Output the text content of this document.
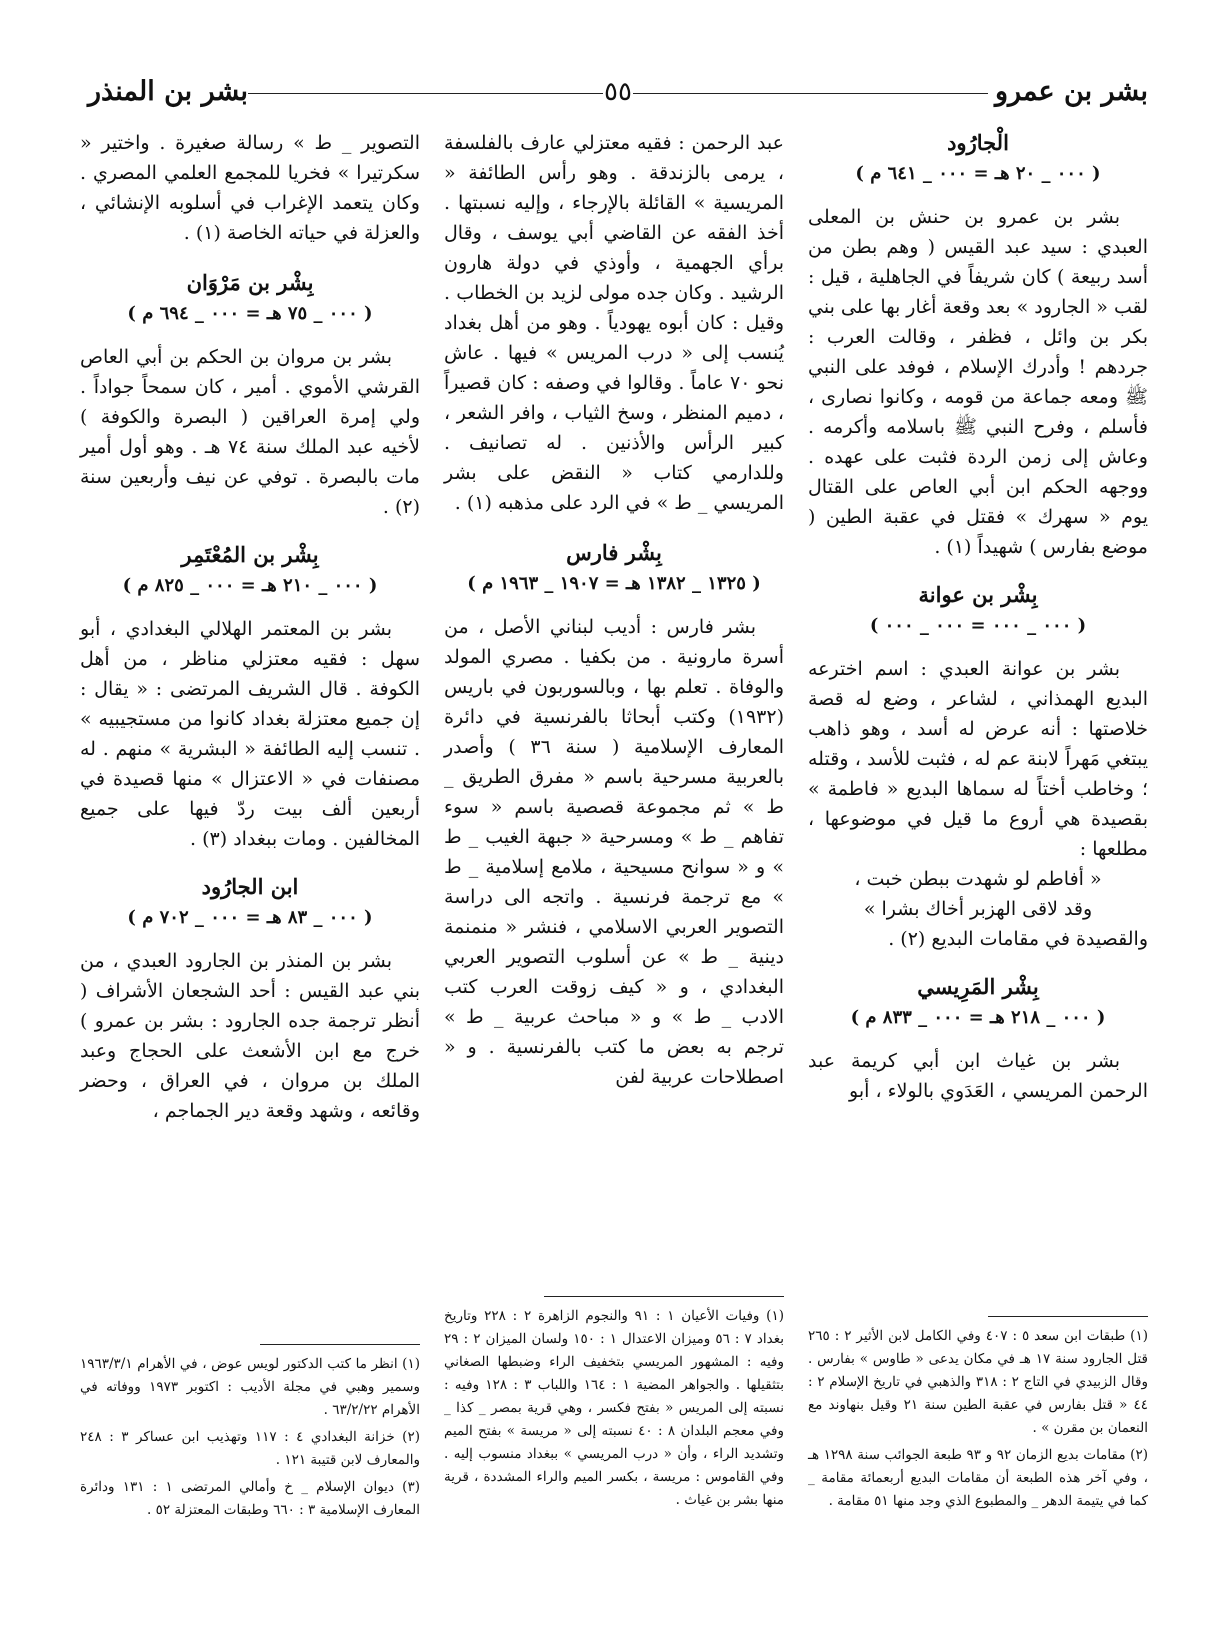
بشر بن عمرو
٥٥
بشر بن المنذر
الْجارُود
( ٠٠٠ _ ٢٠ هـ = ٠٠٠ _ ٦٤١ م )

بشر بن عمرو بن حنش بن المعلى العبدي : سيد عبد القيس ( وهم بطن من أسد ربيعة ) كان شريفاً في الجاهلية ، قيل : لقب « الجارود » بعد وقعة أغار بها على بني بكر بن وائل ، فظفر ، وقالت العرب : جردهم ! وأدرك الإسلام ، فوفد على النبي ﷺ ومعه جماعة من قومه ، وكانوا نصارى ، فأسلم ، وفرح النبي ﷺ باسلامه وأكرمه . وعاش إلى زمن الردة فثبت على عهده . ووجهه الحكم ابن أبي العاص على القتال يوم « سهرك » فقتل في عقبة الطين ( موضع بفارس ) شهيداً (١) .

بِشْر بن عوانة
( ٠٠٠ _ ٠٠٠ = ٠٠٠ _ ٠٠٠ )

بشر بن عوانة العبدي : اسم اخترعه البديع الهمذاني ، لشاعر ، وضع له قصة خلاصتها : أنه عرض له أسد ، وهو ذاهب يبتغي مَهراً لابنة عم له ، فثبت للأسد ، وقتله ؛ وخاطب أختاً له سماها البديع « فاطمة » بقصيدة هي أروع ما قيل في موضوعها ، مطلعها :

« أفاطم لو شهدت ببطن خبت ،

وقد لاقى الهزبر أخاك بشرا »

والقصيدة في مقامات البديع (٢) .

بِشْر المَرِيسي
( ٠٠٠ _ ٢١٨ هـ = ٠٠٠ _ ٨٣٣ م )

بشر بن غياث ابن أبي كريمة عبد الرحمن المريسي ، العَدَوي بالولاء ، أبو

(١) طبقات ابن سعد ٥ : ٤٠٧ وفي الكامل لابن الأثير ٢ : ٢٦٥ قتل الجارود سنة ١٧ هـ في مكان يدعى « طاوس » بفارس . وقال الزبيدي في التاج ٢ : ٣١٨ والذهبي في تاريخ الإسلام ٢ : ٤٤ « قتل بفارس في عقبة الطين سنة ٢١ وقيل بنهاوند مع النعمان بن مقرن » .

(٢) مقامات بديع الزمان ٩٢ و ٩٣ طبعة الجوائب سنة ١٢٩٨ هـ ، وفي آخر هذه الطبعة أن مقامات البديع أربعمائة مقامة _ كما في يتيمة الدهر _ والمطبوع الذي وجد منها ٥١ مقامة .

عبد الرحمن : فقيه معتزلي عارف بالفلسفة ، يرمى بالزندقة . وهو رأس الطائفة « المريسية » القائلة بالإرجاء ، وإليه نسبتها . أخذ الفقه عن القاضي أبي يوسف ، وقال برأي الجهمية ، وأوذي في دولة هارون الرشيد . وكان جده مولى لزيد بن الخطاب . وقيل : كان أبوه يهودياً . وهو من أهل بغداد يُنسب إلى « درب المريس » فيها . عاش نحو ٧٠ عاماً . وقالوا في وصفه : كان قصيراً ، دميم المنظر ، وسخ الثياب ، وافر الشعر ، كبير الرأس والأذنين . له تصانيف . وللدارمي كتاب « النقض على بشر المريسي _ ط » في الرد على مذهبه (١) .

بِشْر فارس
( ١٣٢٥ _ ١٣٨٢ هـ = ١٩٠٧ _ ١٩٦٣ م )

بشر فارس : أديب لبناني الأصل ، من أسرة مارونية . من بكفيا . مصري المولد والوفاة . تعلم بها ، وبالسوربون في باريس (١٩٣٢) وكتب أبحاثا بالفرنسية في دائرة المعارف الإسلامية ( سنة ٣٦ ) وأصدر بالعربية مسرحية باسم « مفرق الطريق _ ط » ثم مجموعة قصصية باسم « سوء تفاهم _ ط » ومسرحية « جبهة الغيب _ ط » و « سوانح مسيحية ، ملامع إسلامية _ ط » مع ترجمة فرنسية . واتجه الى دراسة التصوير العربي الاسلامي ، فنشر « منمنمة دينية _ ط » عن أسلوب التصوير العربي البغدادي ، و « كيف زوقت العرب كتب الادب _ ط » و « مباحث عربية _ ط » ترجم به بعض ما كتب بالفرنسية . و « اصطلاحات عربية لفن

(١) وفيات الأعيان ١ : ٩١ والنجوم الزاهرة ٢ : ٢٢٨ وتاريخ بغداد ٧ : ٥٦ وميزان الاعتدال ١ : ١٥٠ ولسان الميزان ٢ : ٢٩ وفيه : المشهور المريسي بتخفيف الراء وضبطها الصغاني بتثقيلها . والجواهر المضية ١ : ١٦٤ واللباب ٣ : ١٢٨ وفيه : نسبته إلى المريس « بفتح فكسر ، وهي قرية بمصر _ كذا _ وفي معجم البلدان ٨ : ٤٠ نسبته إلى « مريسة » بفتح الميم وتشديد الراء ، وأن « درب المريسي » ببغداد منسوب إليه . وفي القاموس : مريسة ، بكسر الميم والراء المشددة ، قرية منها بشر بن غياث .

التصوير _ ط » رسالة صغيرة . واختير « سكرتيرا » فخريا للمجمع العلمي المصري . وكان يتعمد الإغراب في أسلوبه الإنشائي ، والعزلة في حياته الخاصة (١) .

بِشْر بن مَرْوَان
( ٠٠٠ _ ٧٥ هـ = ٠٠٠ _ ٦٩٤ م )

بشر بن مروان بن الحكم بن أبي العاص القرشي الأموي . أمير ، كان سمحاً جواداً . ولي إمرة العراقين ( البصرة والكوفة ) لأخيه عبد الملك سنة ٧٤ هـ . وهو أول أمير مات بالبصرة . توفي عن نيف وأربعين سنة (٢) .

بِشْر بن المُعْتَمِر
( ٠٠٠ _ ٢١٠ هـ = ٠٠٠ _ ٨٢٥ م )

بشر بن المعتمر الهلالي البغدادي ، أبو سهل : فقيه معتزلي مناظر ، من أهل الكوفة . قال الشريف المرتضى : « يقال : إن جميع معتزلة بغداد كانوا من مستجيبيه » . تنسب إليه الطائفة « البشرية » منهم . له مصنفات في « الاعتزال » منها قصيدة في أربعين ألف بيت ردّ فيها على جميع المخالفين . ومات ببغداد (٣) .

ابن الجارُود
( ٠٠٠ _ ٨٣ هـ = ٠٠٠ _ ٧٠٢ م )

بشر بن المنذر بن الجارود العبدي ، من بني عبد القيس : أحد الشجعان الأشراف ( أنظر ترجمة جده الجارود : بشر بن عمرو ) خرج مع ابن الأشعث على الحجاج وعبد الملك بن مروان ، في العراق ، وحضر وقائعه ، وشهد وقعة دير الجماجم ،

(١) انظر ما كتب الدكتور لويس عوض ، في الأهرام ١٩٦٣/٣/١ وسمير وهبي في مجلة الأديب : اكتوبر ١٩٧٣ ووفاته في الأهرام ٦٣/٢/٢٢ .

(٢) خزانة البغدادي ٤ : ١١٧ وتهذيب ابن عساكر ٣ : ٢٤٨ والمعارف لابن قتيبة ١٢١ .

(٣) ديوان الإسلام _ خ وأمالي المرتضى ١ : ١٣١ ودائرة المعارف الإسلامية ٣ : ٦٦٠ وطبقات المعتزلة ٥٢ .
